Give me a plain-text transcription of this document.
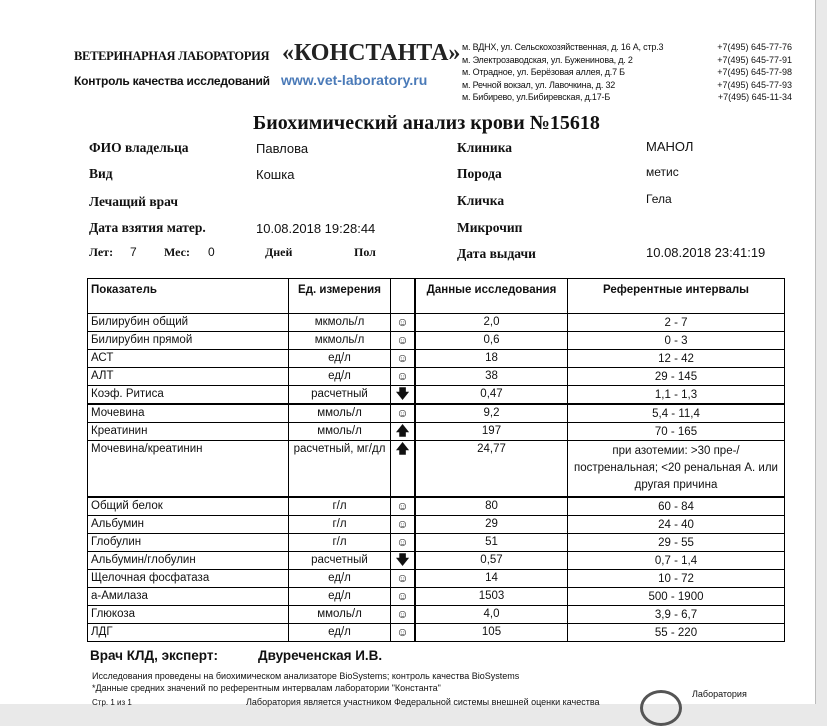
ВЕТЕРИНАРНАЯ ЛАБОРАТОРИЯ
Контроль качества исследований
«КОНСТАНТА»
www.vet-laboratory.ru
м. ВДНХ, ул. Сельскохозяйственная, д. 16 А, стр.3	+7(495) 645-77-76
м. Электрозаводская, ул. Буженинова, д. 2	+7(495) 645-77-91
м. Отрадное, ул. Берёзовая аллея, д.7 Б	+7(495) 645-77-98
м. Речной вокзал, ул. Лавочкина, д. 32	+7(495) 645-77-93
м. Бибирево, ул.Бибиревская, д.17-Б	+7(495) 645-11-34
Биохимический анализ крови №15618
ФИО владельца	Павлова
Вид	Кошка
Лечащий врач
Дата взятия матер.	10.08.2018 19:28:44
Лет: 7 Мес: 0	Дней	Пол
Клиника	МАНОЛ
Порода	метис
Кличка	Гела
Микрочип
Дата выдачи	10.08.2018 23:41:19
Показатель	Ед. измерения		Данные исследования	Референтные интервалы
Билирубин общий	мкмоль/л	☺	2,0	2 - 7
Билирубин прямой	мкмоль/л	☺	0,6	0 - 3
АСТ	ед/л	☺	18	12 - 42
АЛТ	ед/л	☺	38	29 - 145
Коэф. Ритиса	расчетный	🡇	0,47	1,1 - 1,3
Мочевина	ммоль/л	☺	9,2	5,4 - 11,4
Креатинин	ммоль/л	🡅	197	70 - 165
Мочевина/креатинин	расчетный, мг/дл	🡅	24,77	при азотемии: >30 пре-/постренальная; <20 ренальная А. или другая причина
Общий белок	г/л	☺	80	60 - 84
Альбумин	г/л	☺	29	24 - 40
Глобулин	г/л	☺	51	29 - 55
Альбумин/глобулин	расчетный	🡇	0,57	0,7 - 1,4
Щелочная фосфатаза	ед/л	☺	14	10 - 72
а-Амилаза	ед/л	☺	1503	500 - 1900
Глюкоза	ммоль/л	☺	4,0	3,9 - 6,7
ЛДГ	ед/л	☺	105	55 - 220
Врач КЛД, эксперт:	Двуреченская И.В.
Исследования проведены на биохимическом анализаторе BioSystems; контроль качества BioSystems
*Данные средних значений по референтным интервалам лаборатории "Константа"
Стр. 1 из 1	Лаборатория является участником Федеральной системы внешней оценки качества
Лаборатория
